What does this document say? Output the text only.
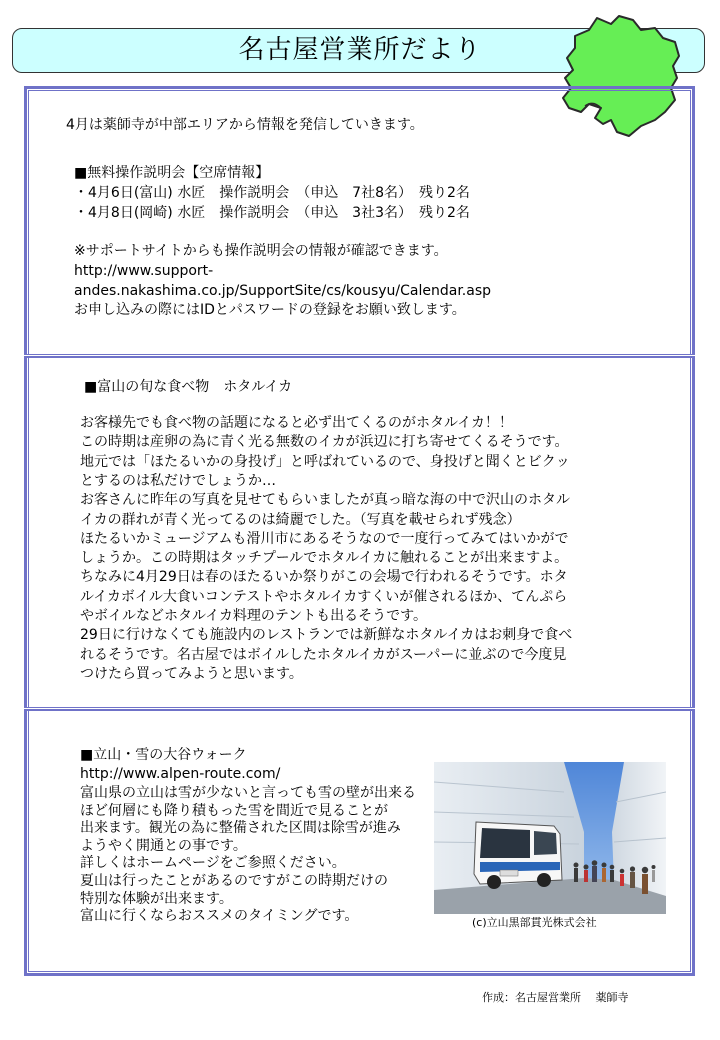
名古屋営業所だより
4月は薬師寺が中部エリアから情報を発信していきます。
■無料操作説明会【空席情報】
・4月6日(富山) 水匠　操作説明会　（申込　7社8名）　残り2名
・4月8日(岡崎) 水匠　操作説明会　（申込　3社3名）　残り2名
※サポートサイトからも操作説明会の情報が確認できます。
http://www.support-
andes.nakashima.co.jp/SupportSite/cs/kousyu/Calendar.asp
お申し込みの際にはIDとパスワードの登録をお願い致します。
■富山の旬な食べ物　ホタルイカ
お客様先でも食べ物の話題になると必ず出てくるのがホタルイカ！！
この時期は産卵の為に青く光る無数のイカが浜辺に打ち寄せてくるそうです。
地元では「ほたるいかの身投げ」と呼ばれているので、身投げと聞くとビクッ
とするのは私だけでしょうか…
お客さんに昨年の写真を見せてもらいましたが真っ暗な海の中で沢山のホタル
イカの群れが青く光ってるのは綺麗でした。（写真を載せられず残念）
ほたるいかミュージアムも滑川市にあるそうなので一度行ってみてはいかがで
しょうか。この時期はタッチプールでホタルイカに触れることが出来ますよ。
ちなみに4月29日は春のほたるいか祭りがこの会場で行われるそうです。ホタ
ルイカボイル大食いコンテストやホタルイカすくいが催されるほか、てんぷら
やボイルなどホタルイカ料理のテントも出るそうです。
29日に行けなくても施設内のレストランでは新鮮なホタルイカはお刺身で食べ
れるそうです。名古屋ではボイルしたホタルイカがスーパーに並ぶので今度見
つけたら買ってみようと思います。
■立山・雪の大谷ウォーク
http://www.alpen-route.com/
富山県の立山は雪が少ないと言っても雪の壁が出来る
ほど何層にも降り積もった雪を間近で見ることが
出来ます。観光の為に整備された区間は除雪が進み
ようやく開通との事です。
詳しくはホームページをご参照ください。
夏山は行ったことがあるのですがこの時期だけの
特別な体験が出来ます。
富山に行くならおススメのタイミングです。	(c)立山黒部貫光株式会社
作成：名古屋営業所　 薬師寺
